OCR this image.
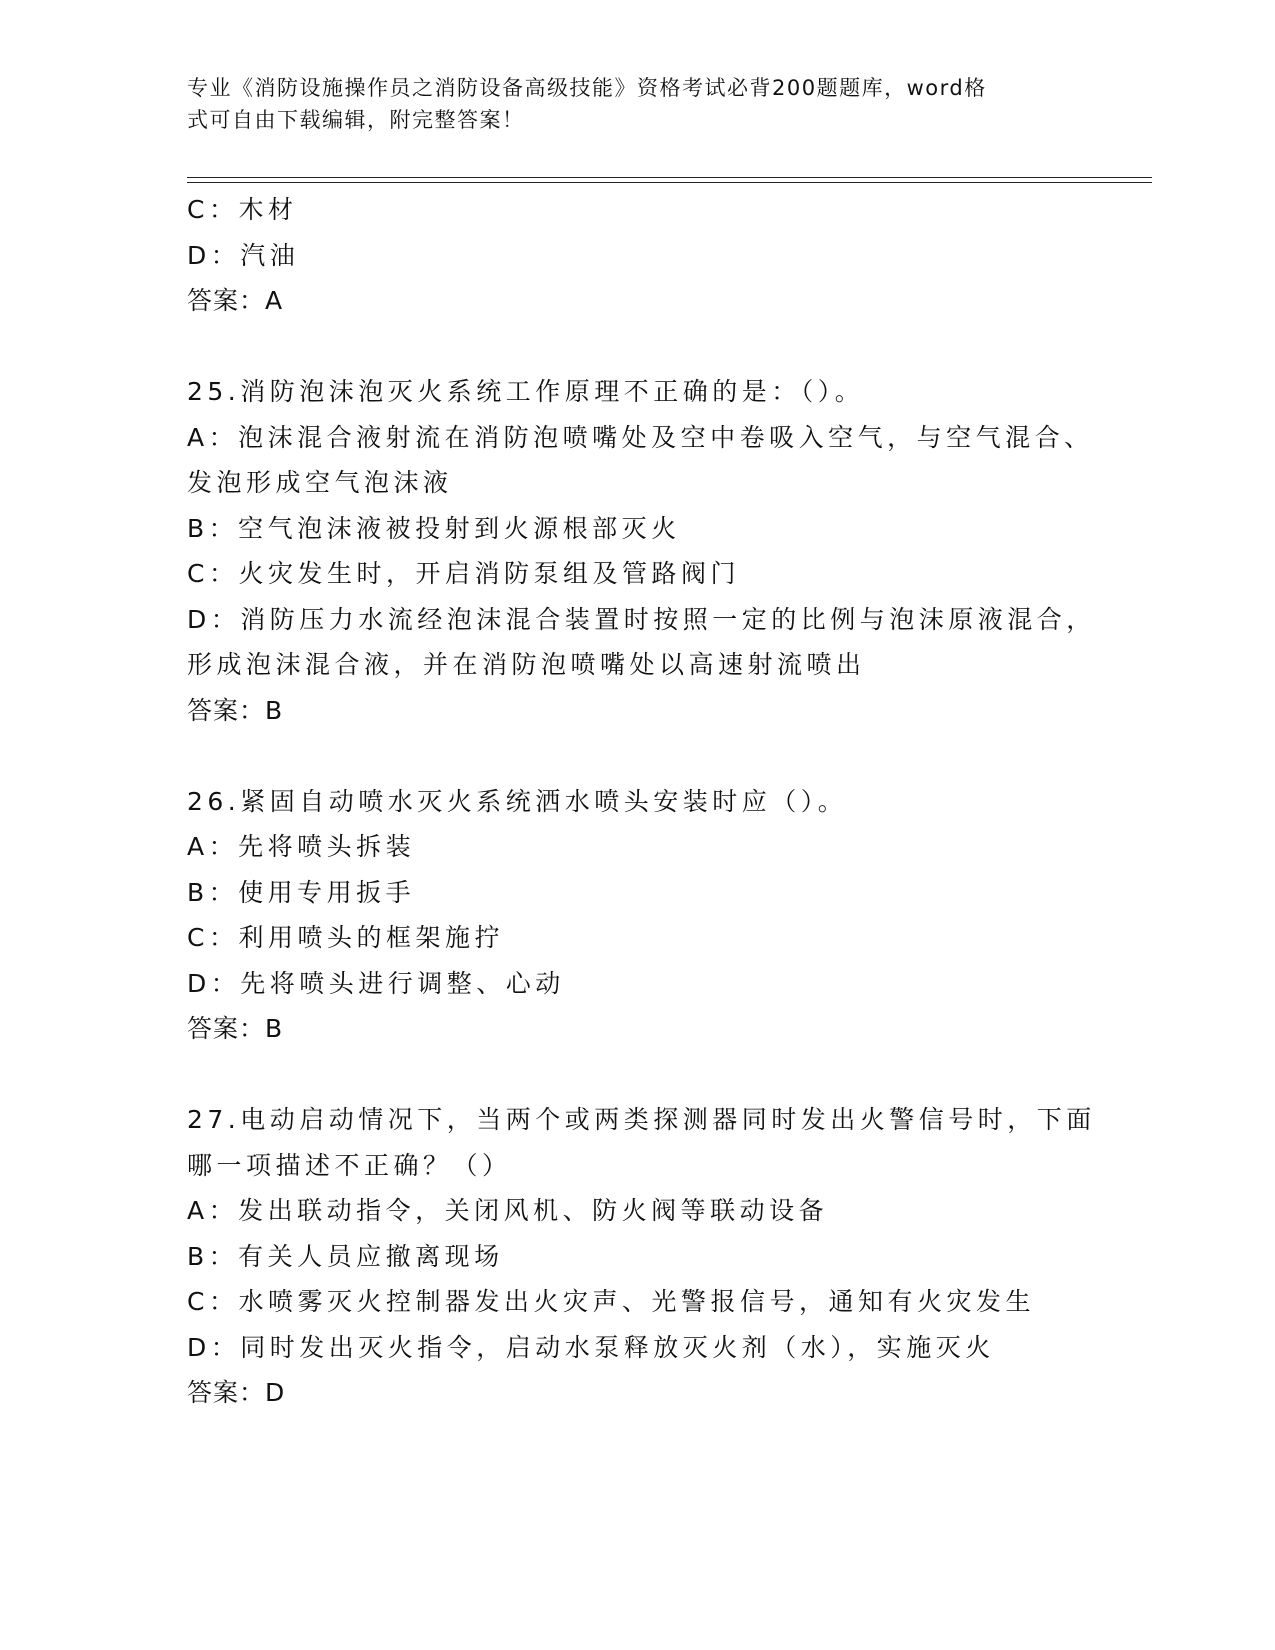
专业《消防设施操作员之消防设备高级技能》资格考试必背200题题库，word格
式可自由下载编辑，附完整答案！
C：木材
D：汽油
答案：A
25.消防泡沫泡灭火系统工作原理不正确的是：（）。
A：泡沫混合液射流在消防泡喷嘴处及空中卷吸入空气，与空气混合、
发泡形成空气泡沫液
B：空气泡沫液被投射到火源根部灭火
C：火灾发生时，开启消防泵组及管路阀门
D：消防压力水流经泡沫混合装置时按照一定的比例与泡沫原液混合，
形成泡沫混合液，并在消防泡喷嘴处以高速射流喷出
答案：B
26.紧固自动喷水灭火系统洒水喷头安装时应（）。
A：先将喷头拆装
B：使用专用扳手
C：利用喷头的框架施拧
D：先将喷头进行调整、心动
答案：B
27.电动启动情况下，当两个或两类探测器同时发出火警信号时，下面
哪一项描述不正确？（）
A：发出联动指令，关闭风机、防火阀等联动设备
B：有关人员应撤离现场
C：水喷雾灭火控制器发出火灾声、光警报信号，通知有火灾发生
D：同时发出灭火指令，启动水泵释放灭火剂（水），实施灭火
答案：D
